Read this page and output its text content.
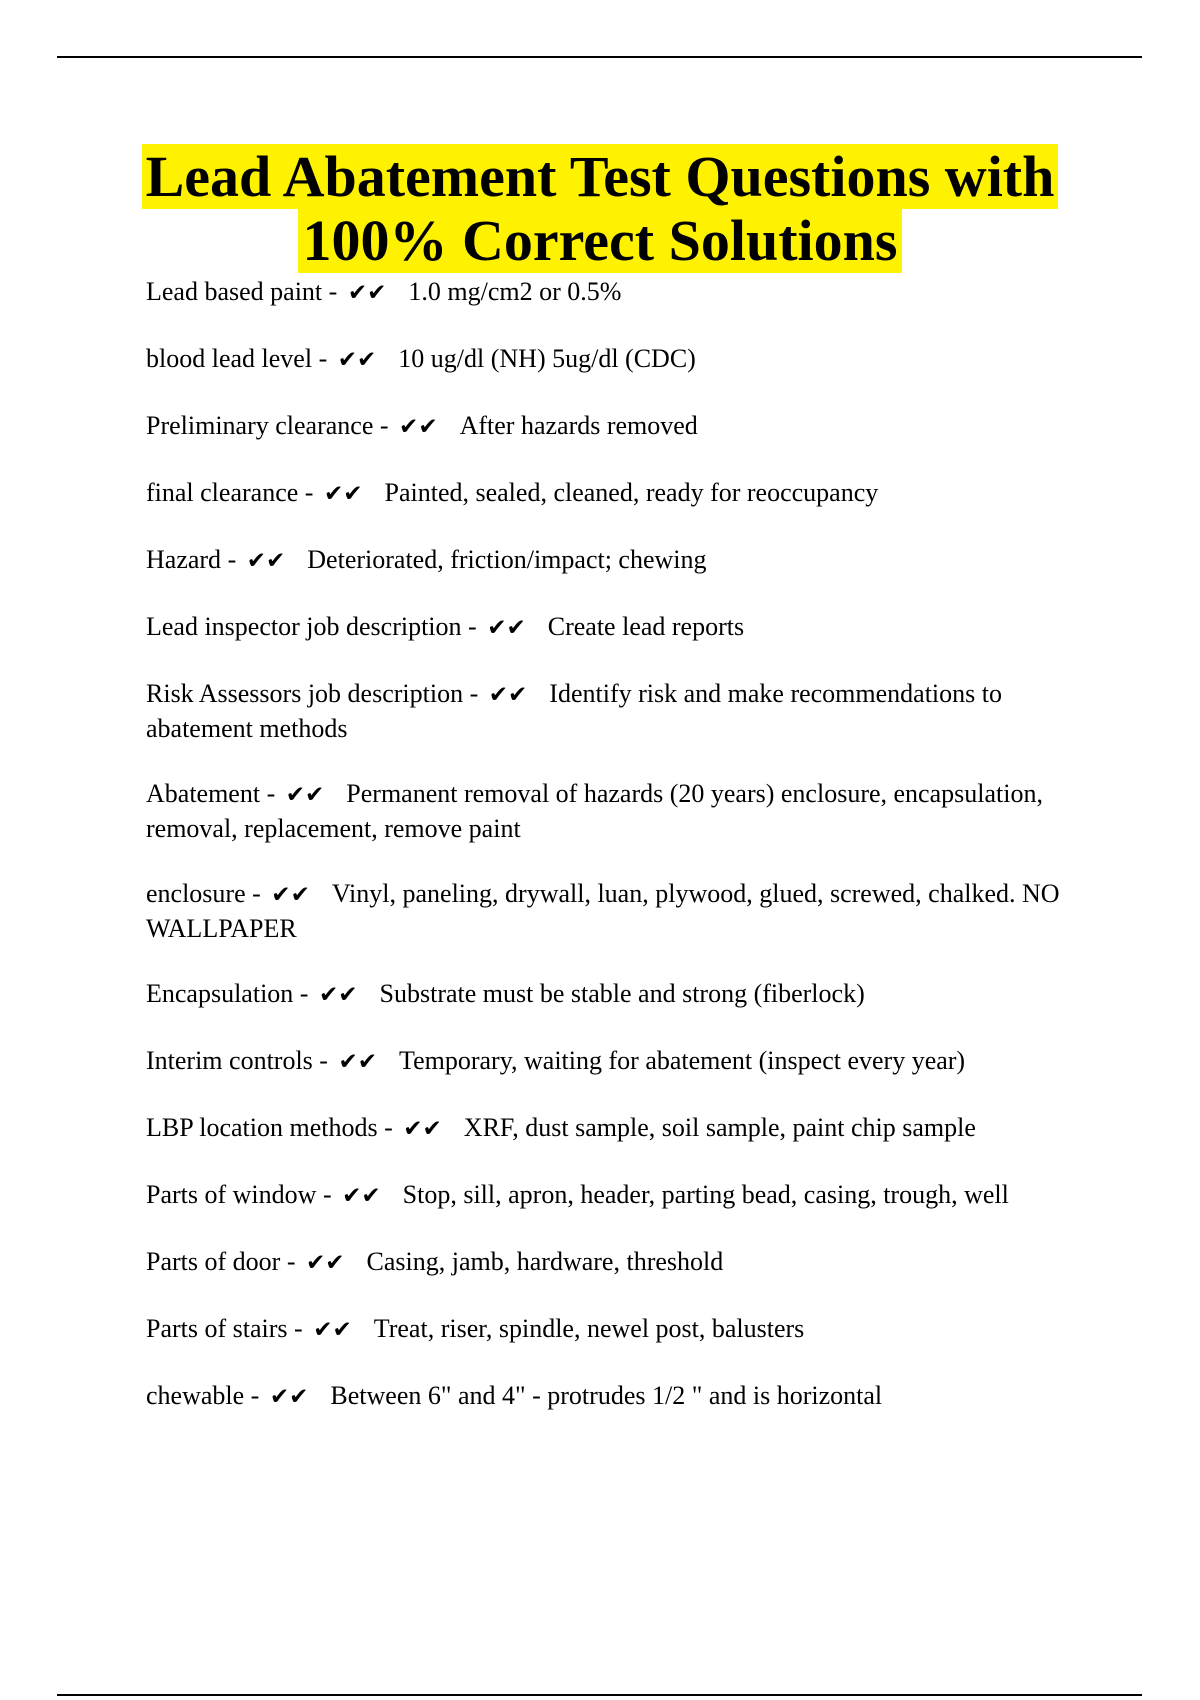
Lead Abatement Test Questions with 100% Correct Solutions
Lead based paint - ✔✔ 1.0 mg/cm2 or 0.5%
blood lead level - ✔✔ 10 ug/dl (NH) 5ug/dl (CDC)
Preliminary clearance - ✔✔ After hazards removed
final clearance - ✔✔ Painted, sealed, cleaned, ready for reoccupancy
Hazard - ✔✔ Deteriorated, friction/impact; chewing
Lead inspector job description - ✔✔ Create lead reports
Risk Assessors job description - ✔✔ Identify risk and make recommendations to abatement methods
Abatement - ✔✔ Permanent removal of hazards (20 years) enclosure, encapsulation, removal, replacement, remove paint
enclosure - ✔✔ Vinyl, paneling, drywall, luan, plywood, glued, screwed, chalked. NO WALLPAPER
Encapsulation - ✔✔ Substrate must be stable and strong (fiberlock)
Interim controls - ✔✔ Temporary, waiting for abatement (inspect every year)
LBP location methods - ✔✔ XRF, dust sample, soil sample, paint chip sample
Parts of window - ✔✔ Stop, sill, apron, header, parting bead, casing, trough, well
Parts of door - ✔✔ Casing, jamb, hardware, threshold
Parts of stairs - ✔✔ Treat, riser, spindle, newel post, balusters
chewable - ✔✔ Between 6" and 4" - protrudes 1/2 " and is horizontal
